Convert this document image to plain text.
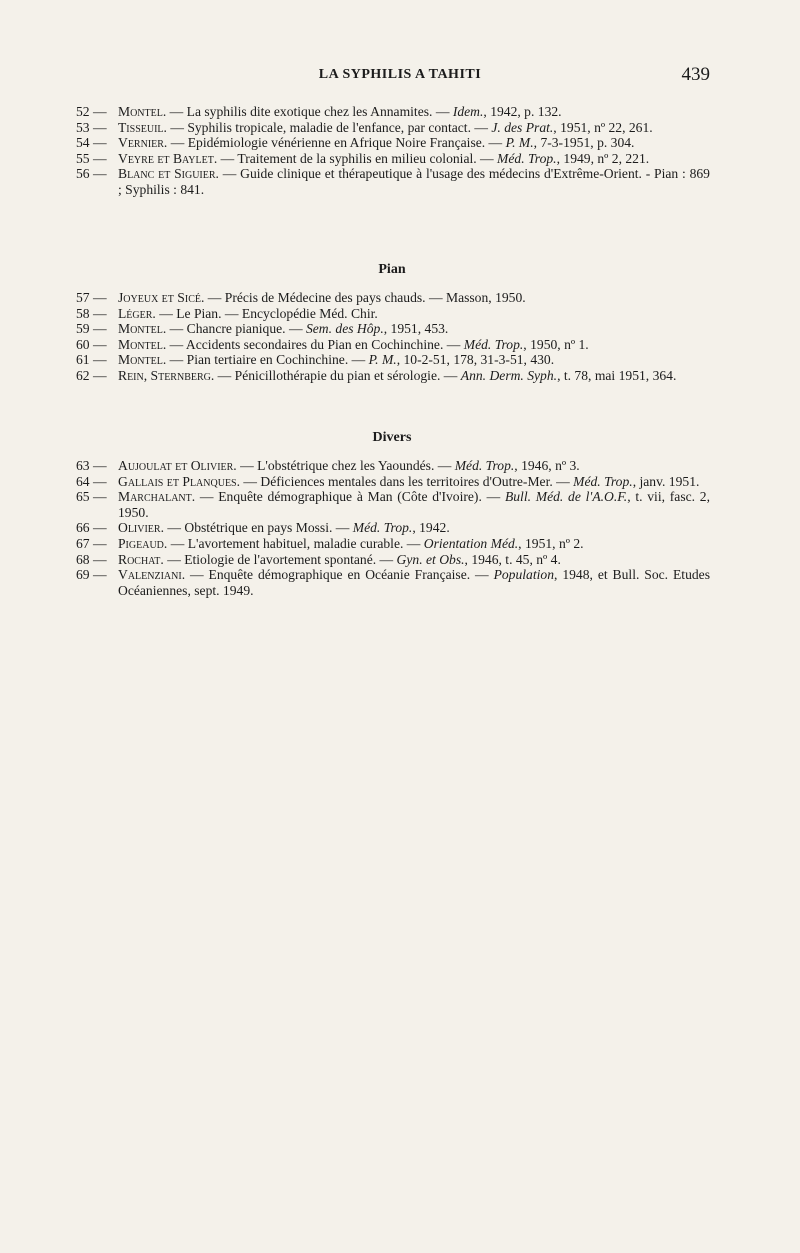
LA SYPHILIS A TAHITI	439
52 — Montel. — La syphilis dite exotique chez les Annamites. — Idem., 1942, p. 132.
53 — Tisseuil. — Syphilis tropicale, maladie de l'enfance, par contact. — J. des Prat., 1951, nº 22, 261.
54 — Vernier. — Epidémiologie vénérienne en Afrique Noire Française. — P. M., 7-3-1951, p. 304.
55 — Veyre et Baylet. — Traitement de la syphilis en milieu colonial. — Méd. Trop., 1949, nº 2, 221.
56 — Blanc et Siguier. — Guide clinique et thérapeutique à l'usage des médecins d'Extrême-Orient. - Pian : 869 ; Syphilis : 841.
Pian
57 — Joyeux et Sicé. — Précis de Médecine des pays chauds. — Masson, 1950.
58 — Léger. — Le Pian. — Encyclopédie Méd. Chir.
59 — Montel. — Chancre pianique. — Sem. des Hôp., 1951, 453.
60 — Montel. — Accidents secondaires du Pian en Cochinchine. — Méd. Trop., 1950, nº 1.
61 — Montel. — Pian tertiaire en Cochinchine. — P. M., 10-2-51, 178, 31-3-51, 430.
62 — Rein, Sternberg. — Pénicillothérapie du pian et sérologie. — Ann. Derm. Syph., t. 78, mai 1951, 364.
Divers
63 — Aujoulat et Olivier. — L'obstétrique chez les Yaoundés. — Méd. Trop., 1946, nº 3.
64 — Gallais et Planques. — Déficiences mentales dans les territoires d'Outre-Mer. — Méd. Trop., janv. 1951.
65 — Marchalant. — Enquête démographique à Man (Côte d'Ivoire). — Bull. Méd. de l'A.O.F., t. vii, fasc. 2, 1950.
66 — Olivier. — Obstétrique en pays Mossi. — Méd. Trop., 1942.
67 — Pigeaud. — L'avortement habituel, maladie curable. — Orientation Méd., 1951, nº 2.
68 — Rochat. — Etiologie de l'avortement spontané. — Gyn. et Obs., 1946, t. 45, nº 4.
69 — Valenziani. — Enquête démographique en Océanie Française. — Population, 1948, et Bull. Soc. Etudes Océaniennes, sept. 1949.
